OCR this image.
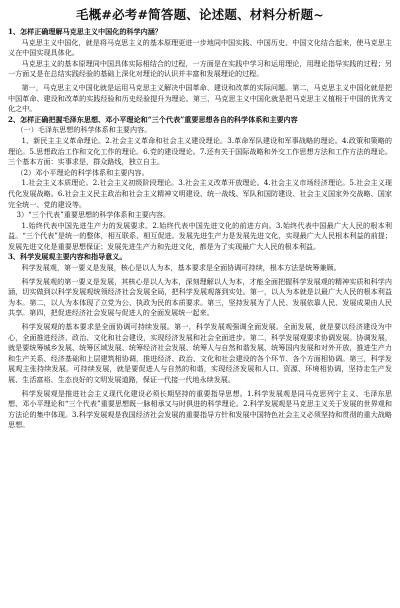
毛概#必考#简答题、论述题、材料分析题~

1、怎样正确理解马克思主义中国化的科学内涵？

马克思主义中国化，就是将马克思主义的基本原理更进一步地同中国实践、中国历史、中国文化结合起来，使马克思主义在中国实现具体化。

马克思主义的基本原理同中国具体实际相结合的过程，一方面是在实践中学习和运用理论，用理论指导实践的过程；另一方面又是在总结实践经验的基础上深化对理论的认识并丰富和发展理论的过程。

第一，马克思主义中国化就是运用马克思主义解决中国革命、建设和改革的实际问题。第二，马克思主义中国化就是把中国革命、建设和改革的实践经验和历史经验提升为理论。第三，马克思主义中国化就是把马克思主义植根于中国的优秀文化之中。

2、怎样正确把握毛泽东思想、邓小平理论和“三个代表”重要思想各自的科学体系和主要内容

（一）毛泽东思想的科学体系和主要内容。

1、新民主主义革命理论。2.社会主义革命和社会主义建设理论。3.革命军队建设和军事战略的理论。4.政策和策略的理论。5.思想政治工作和文化工作的理论。6.党的建设理论。7.还有关于国际战略和外交工作思想方法和工作方法的理论。三个基本方面：实事求是，群众路线，独立自主。

（2）邓小平理论的科学体系和主要内容。

1.社会主义本质理论。2.社会主义初级阶段理论。3.社会主义改革开放理论。4.社会主义市场经济理论。5.社会主义现代化发展战略。6.社会主义民主政治和社会主义精神文明建设、统一战线、军队和国防建设、社会主义国家外交战略、国家完全统一、党的建设等。

3）“三个代表”重要思想的科学体系和主要内容。

1.始终代表中国先进生产力的发展要求。2.始终代表中国先进文化的前进方向。3.始终代表中国最广大人民的根本利益。“三个代表”是统一的整体，相互联系、相互促进。发展先进生产力是发展先进文化，实现最广大人民根本利益的前提；发展先进文化是重要思想保证；发展先进生产力和先进文化，都是为了实现最广大人民的根本利益。

3、科学发展观主要内容和指导意义。

科学发展观，第一要义是发展，核心是以人为本，基本要求是全面协调可持续，根本方法是统筹兼顾。

科学发展观的第一要义是发展，其核心是以人为本，深刻理解以人为本，才能全面把握科学发展观的精神实质和科学内涵，切实做到以科学发展观统领经济社会发展全局，把科学发展观落到实处。第一，以人为本就是以最广大人民的根本利益为本。第二，以人为本体现了立党为公、执政为民的本质要求。第三，坚持发展为了人民、发展依靠人民、发展成果由人民共享。第四，把促进经济社会发展与促进人的全面发展统一起来。

科学发展观的基本要求是全面协调可持续发展。第一，科学发展观强调全面发展。全面发展，就是要以经济建设为中心，全面推进经济、政治、文化和社会建设，实现经济发展和社会全面进步。第二，科学发展观要求协调发展。协调发展，就是要统筹城乡发展、统筹区域发展、统筹经济社会发展、统筹人与自然和谐发展、统筹国内发展和对外开放，推进生产力和生产关系、经济基础和上层建筑相协调，推进经济、政治、文化和社会建设的各个环节、各个方面相协调。第三，科学发展观主张持续发展。可持续发展，就是要促进人与自然的和谐，实现经济发展和人口、资源、环境相协调，坚持走生产发展、生活富裕、生态良好的文明发展道路，保证一代接一代地永续发展。

科学发展观是推进社会主义现代化建设必须长期坚持的重要指导思想。1.科学发展观是同马克思列宁主义、毛泽东思想、邓小平理论和“三个代表”重要思想既一脉相承又与时俱进的科学理论。2.科学发展观是马克思主义关于发展的世界观和方法论的集中体现。3.科学发展观是我国经济社会发展的重要指导方针和发展中国特色社会主义必须坚持和贯彻的重大战略思想。
